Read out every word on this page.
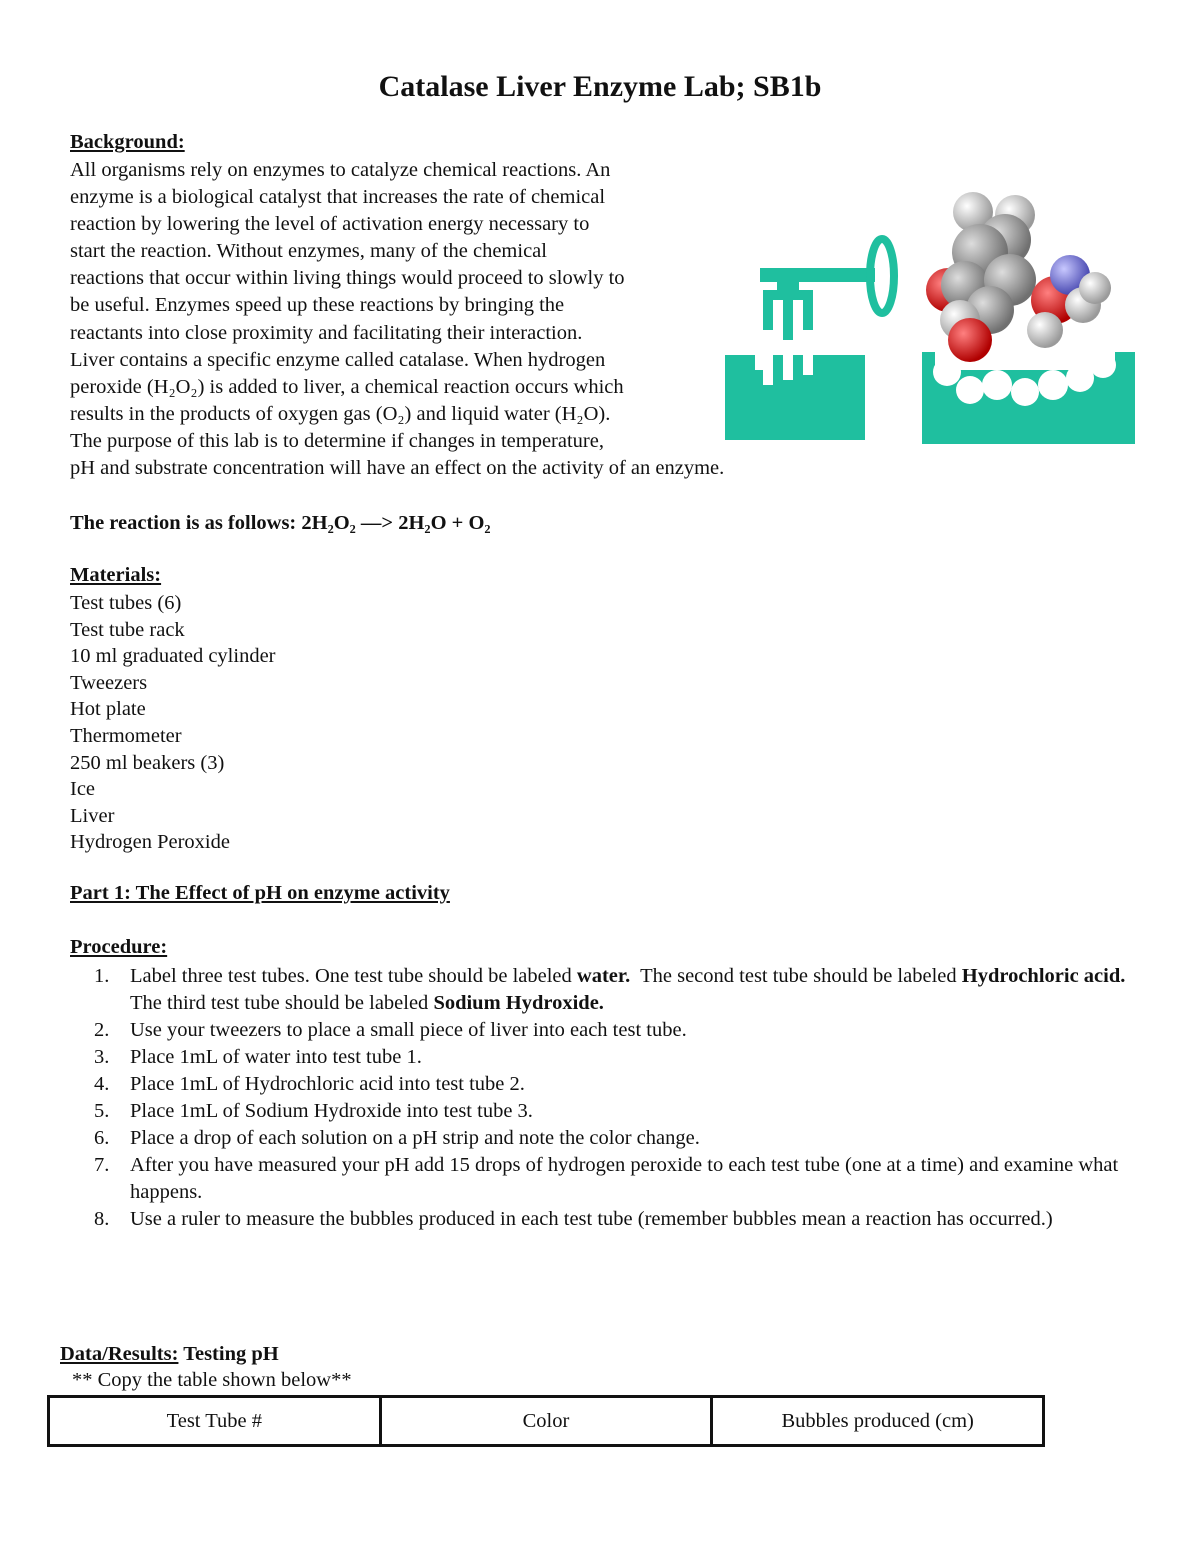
Catalase Liver Enzyme Lab; SB1b
Background:
All organisms rely on enzymes to catalyze chemical reactions. An
enzyme is a biological catalyst that increases the rate of chemical
reaction by lowering the level of activation energy necessary to
start the reaction. Without enzymes, many of the chemical
reactions that occur within living things would proceed to slowly to
be useful. Enzymes speed up these reactions by bringing the
reactants into close proximity and facilitating their interaction.
Liver contains a specific enzyme called catalase. When hydrogen
peroxide (H₂O₂) is added to liver, a chemical reaction occurs which
results in the products of oxygen gas (O₂) and liquid water (H₂O).
The purpose of this lab is to determine if changes in temperature,
pH and substrate concentration will have an effect on the activity of an enzyme.
The reaction is as follows: 2H₂O₂ ––> 2H₂O + O₂
Materials:
Test tubes (6)
Test tube rack
10 ml graduated cylinder
Tweezers
Hot plate
Thermometer
250 ml beakers (3)
Ice
Liver
Hydrogen Peroxide
Part 1: The Effect of pH on enzyme activity
Procedure:
1. Label three test tubes. One test tube should be labeled water.  The second test tube should be labeled Hydrochloric acid. The third test tube should be labeled Sodium Hydroxide.
2. Use your tweezers to place a small piece of liver into each test tube.
3. Place 1mL of water into test tube 1.
4. Place 1mL of Hydrochloric acid into test tube 2.
5. Place 1mL of Sodium Hydroxide into test tube 3.
6. Place a drop of each solution on a pH strip and note the color change.
7. After you have measured your pH add 15 drops of hydrogen peroxide to each test tube (one at a time) and examine what happens.
8. Use a ruler to measure the bubbles produced in each test tube (remember bubbles mean a reaction has occurred.)
Data/Results: Testing pH
** Copy the table shown below**
Test Tube #	Color	Bubbles produced (cm)
